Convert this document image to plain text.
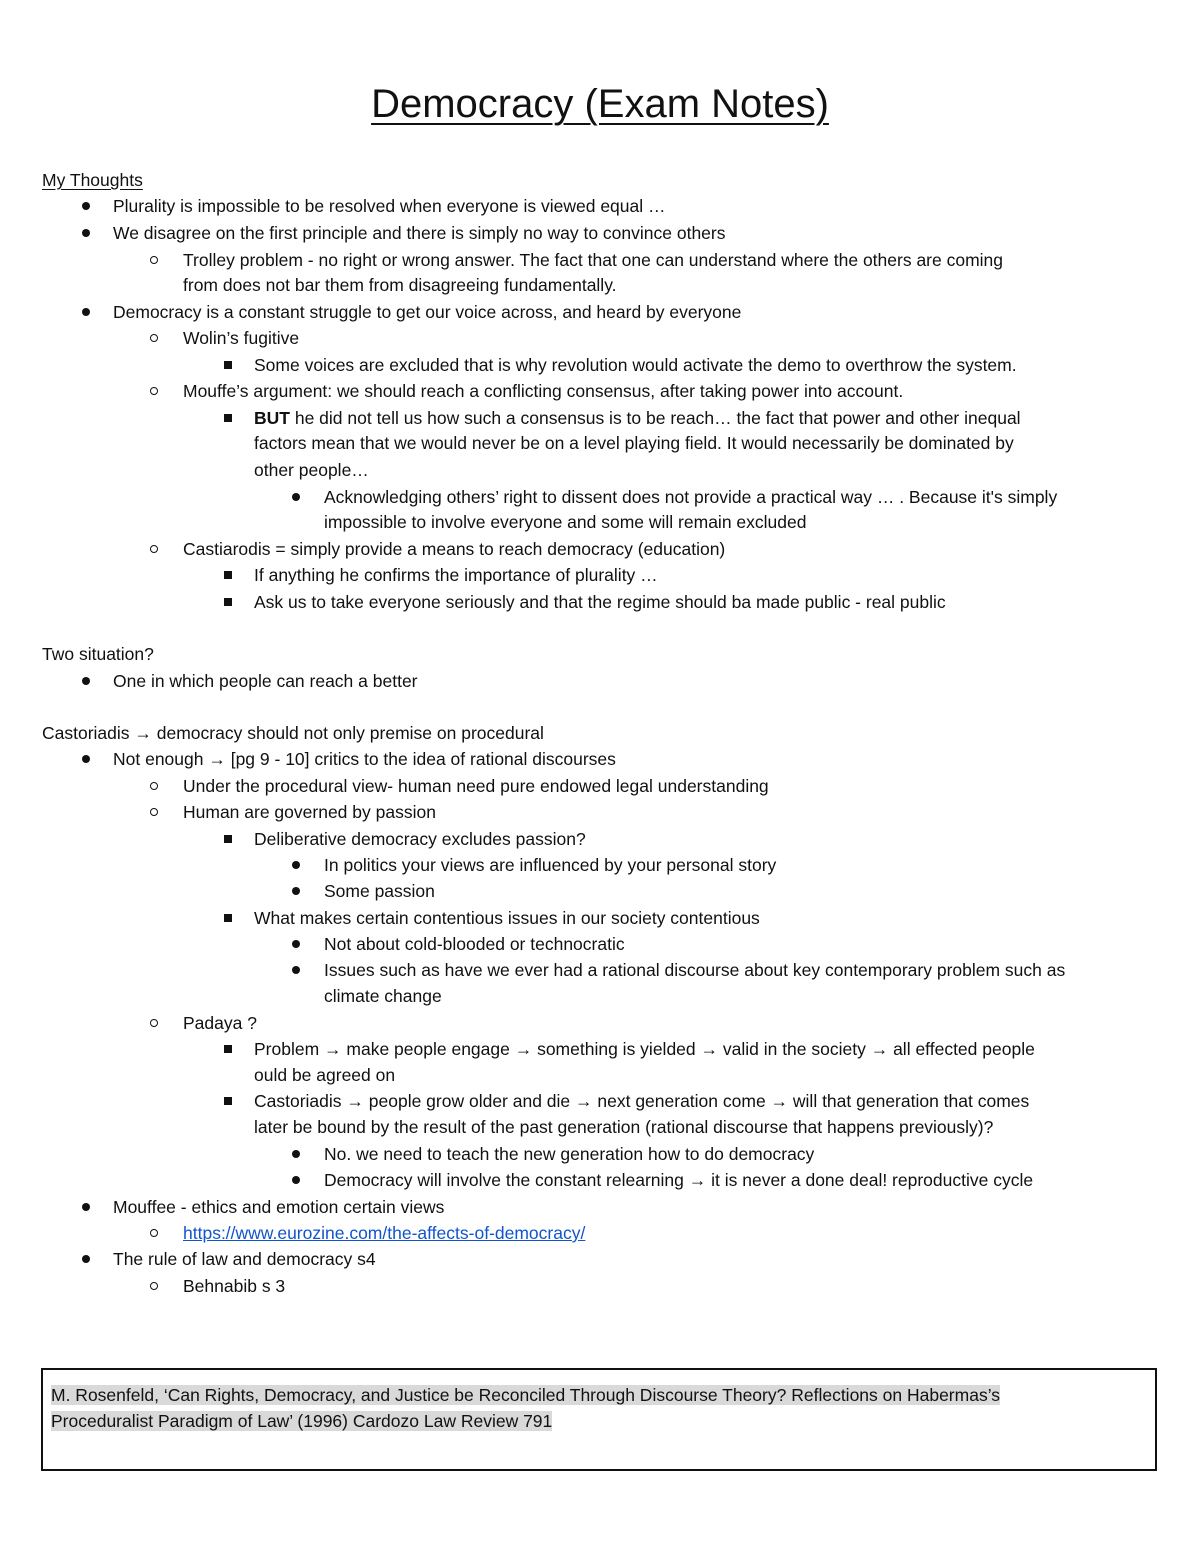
Democracy (Exam Notes)
My Thoughts
Plurality is impossible to be resolved when everyone is viewed equal …
We disagree on the first principle and there is simply no way to convince others
Trolley problem - no right or wrong answer. The fact that one can understand where the others are coming
from does not bar them from disagreeing fundamentally.
Democracy is a constant struggle to get our voice across, and heard by everyone
Wolin’s fugitive
Some voices are excluded that is why revolution would activate the demo to overthrow the system.
Mouffe’s argument: we should reach a conflicting consensus, after taking power into account.
BUT he did not tell us how such a consensus is to be reach… the fact that power and other inequal
factors mean that we would never be on a level playing field. It would necessarily be dominated by
other people…
Acknowledging others’ right to dissent does not provide a practical way … . Because it's simply
impossible to involve everyone and some will remain excluded
Castiarodis = simply provide a means to reach democracy (education)
If anything he confirms the importance of plurality …
Ask us to take everyone seriously and that the regime should ba made public - real public
Two situation?
One in which people can reach a better
Castoriadis → democracy should not only premise on procedural
Not enough → [pg 9 - 10] critics to the idea of rational discourses
Under the procedural view- human need pure endowed legal understanding
Human are governed by passion
Deliberative democracy excludes passion?
In politics your views are influenced by your personal story
Some passion
What makes certain contentious issues in our society contentious
Not about cold-blooded or technocratic
Issues such as have we ever had a rational discourse about key contemporary problem such as
climate change
Padaya ?
Problem → make people engage → something is yielded → valid in the society → all effected people
ould be agreed on
Castoriadis → people grow older and die → next generation come → will that generation that comes
later be bound by the result of the past generation (rational discourse that happens previously)?
No. we need to teach the new generation how to do democracy
Democracy will involve the constant relearning → it is never a done deal! reproductive cycle
Mouffee - ethics and emotion certain views
https://www.eurozine.com/the-affects-of-democracy/
The rule of law and democracy s4
Behnabib s 3
M. Rosenfeld, ‘Can Rights, Democracy, and Justice be Reconciled Through Discourse Theory? Reflections on Habermas’s
Proceduralist Paradigm of Law’ (1996) Cardozo Law Review 791
